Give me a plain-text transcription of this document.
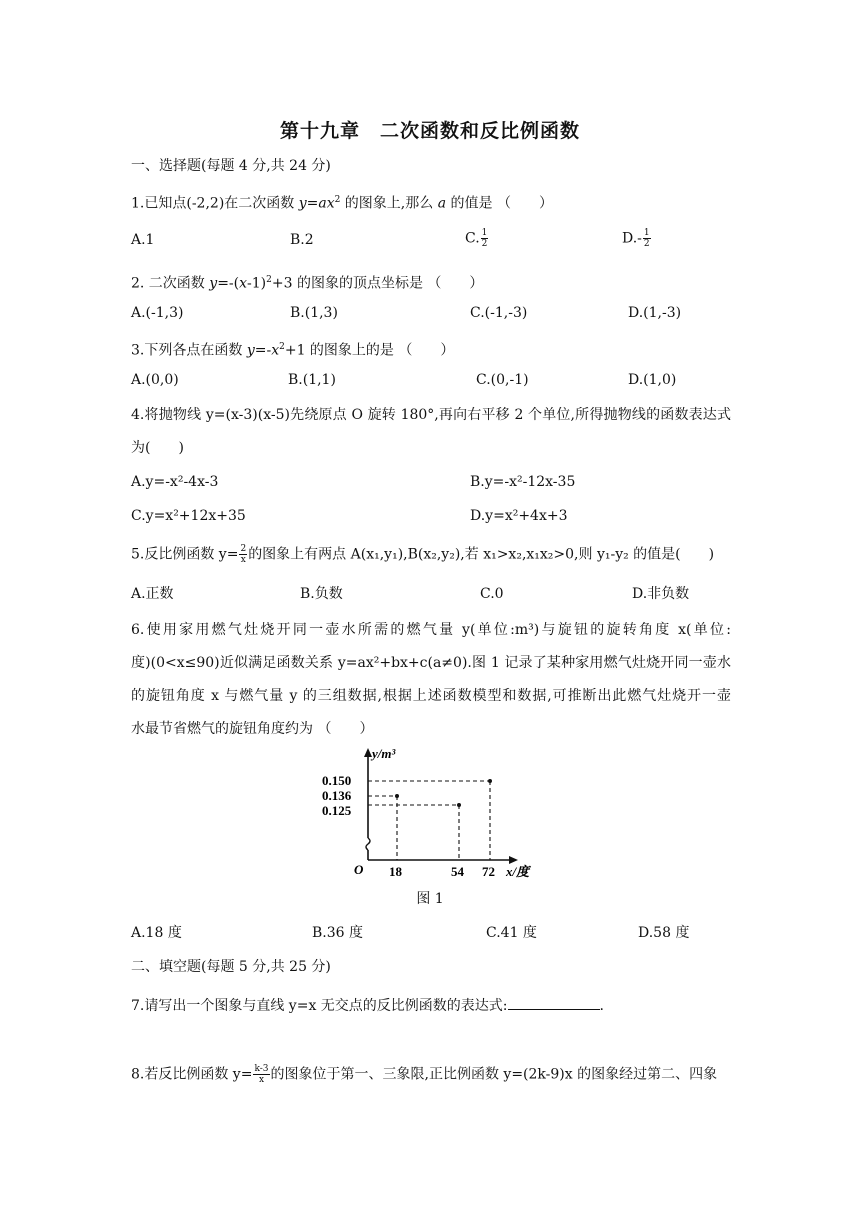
第十九章　二次函数和反比例函数
一、选择题(每题 4 分,共 24 分)
1.已知点(-2,2)在二次函数 $y=ax^2$ 的图象上,那么 a 的值是 （　　）
A.1	B.2	C. $\frac{1}{2}$	$D.- \frac{1}{2}$
2. 二次函数 $y=-(x-1)^2+3$ 的图象的顶点坐标是 （　　）
A.(-1,3)	B.(1,3)	C.(-1,-3)	D.(1,-3)
3.下列各点在函数 $y=-x^2+1$ 的图象上的是 （　　）
A.(0,0)	B.(1,1)	C.(0,-1)	D.(1,0)
4.将抛物线 y=(x-3)(x-5)先绕原点 O 旋转 180°,再向右平移 2 个单位,所得抛物线的函数表达式
为(　　)
A.y=-x²-4x-3	B.y=-x²-12x-35
C.y=x²+12x+35	D.y=x²+4x+3
5.反比例函数 $y= \frac{2}{x}$ 的图象上有两点 A(x₁,y₁),B(x₂,y₂),若 x₁>x₂,x₁x₂>0,则 y₁-y₂ 的值是(　　)
A.正数	B.负数	C.0	D.非负数
6.使用家用燃气灶烧开同一壶水所需的燃气量 y(单位:m³)与旋钮的旋转角度 x(单位:
度)(0<x≤90)近似满足函数关系 y=ax²+bx+c(a≠0).图 1 记录了某种家用燃气灶烧开同一壶水
的旋钮角度 x 与燃气量 y 的三组数据,根据上述函数模型和数据,可推断出此燃气灶烧开一壶
水最节省燃气的旋钮角度约为 （　　）
y/m³
0.150
0.136
0.125
O 18	54 72 x/度
图 1
A.18 度	B.36 度	C.41 度	D.58 度
二、填空题(每题 5 分,共 25 分)
7.请写出一个图象与直线 y=x 无交点的反比例函数的表达式:	.
8.若反比例函数 $y= \frac{k-3}{x}$ 的图象位于第一、三象限,正比例函数 y=(2k-9)x 的图象经过第二、四象
